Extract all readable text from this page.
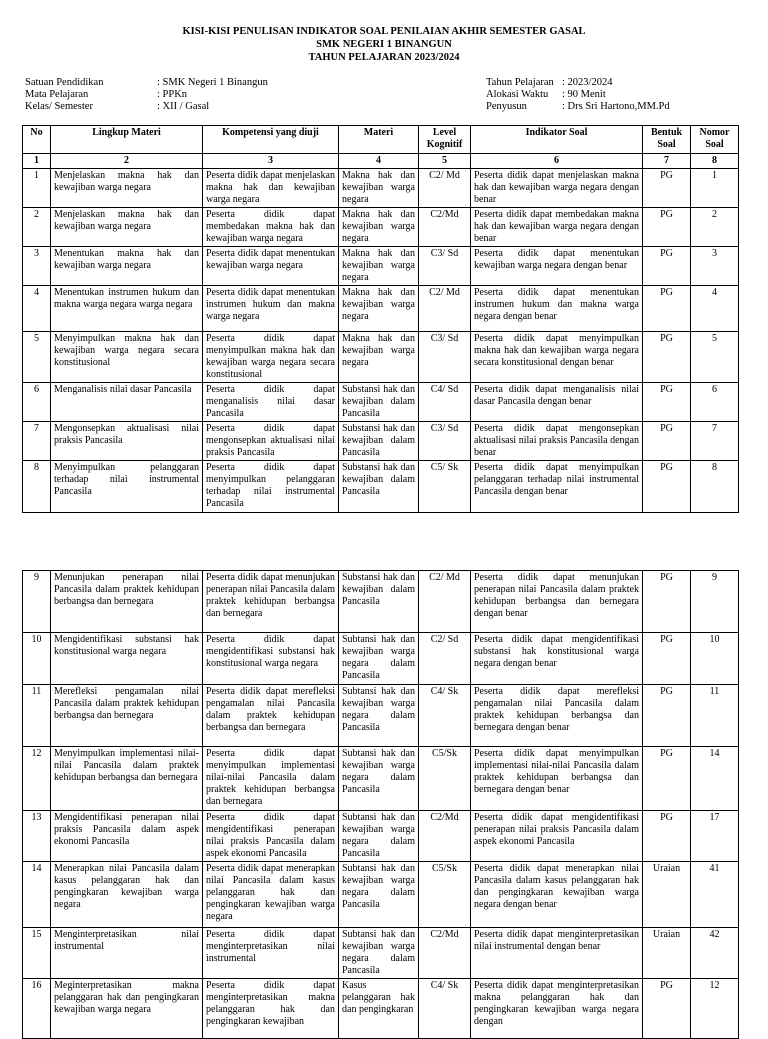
KISI-KISI PENULISAN INDIKATOR SOAL PENILAIAN AKHIR SEMESTER GASAL
SMK NEGERI 1 BINANGUN
TAHUN PELAJARAN 2023/2024
Satuan Pendidikan	: SMK Negeri 1 Binangun
Mata Pelajaran	: PPKn
Kelas/ Semester	: XII / Gasal
Tahun Pelajaran : 2023/2024
Alokasi Waktu : 90 Menit
Penyusun	: Drs Sri Hartono,MM.Pd
No	Lingkup Materi	Kompetensi yang diuji	Materi	Level Kognitif	Indikator Soal	Bentuk Soal	Nomor Soal
1	2	3	4	5	6	7	8
1	Menjelaskan makna hak dan kewajiban warga negara	Peserta didik dapat menjelaskan makna hak dan kewajiban warga negara	Makna hak dan kewajiban warga negara	C2/ Md	Peserta didik dapat menjelaskan makna hak dan kewajiban warga negara dengan benar	PG	1
2	Menjelaskan makna hak dan kewajiban warga negara	Peserta didik dapat membedakan makna hak dan kewajiban warga negara	Makna hak dan kewajiban warga negara	C2/Md	Peserta didik dapat membedakan makna hak dan kewajiban warga negara dengan benar	PG	2
3	Menentukan makna hak dan kewajiban warga negara	Peserta didik dapat menentukan kewajiban warga negara	Makna hak dan kewajiban warga negara	C3/ Sd	Peserta didik dapat menentukan kewajiban warga negara dengan benar	PG	3
4	Menentukan instrumen hukum dan makna warga negara warga negara	Peserta didik dapat menentukan instrumen hukum dan makna warga negara	Makna hak dan kewajiban warga negara	C2/ Md	Peserta didik dapat menentukan instrumen hukum dan makna warga negara dengan benar	PG	4
5	Menyimpulkan makna hak dan kewajiban warga negara secara konstitusional	Peserta didik dapat menyimpulkan makna hak dan kewajiban warga negara secara konstitusional	Makna hak dan kewajiban warga negara	C3/ Sd	Peserta didik dapat menyimpulkan makna hak dan kewajiban warga negara secara konstitusional dengan benar	PG	5
6	Menganalisis nilai dasar Pancasila	Peserta didik dapat menganalisis nilai dasar Pancasila	Substansi hak dan kewajiban dalam Pancasila	C4/ Sd	Peserta didik dapat menganalisis nilai dasar Pancasila dengan benar	PG	6
7	Mengonsepkan aktualisasi nilai praksis Pancasila	Peserta didik dapat mengonsepkan aktualisasi nilai praksis Pancasila	Substansi hak dan kewajiban dalam Pancasila	C3/ Sd	Peserta didik dapat mengonsepkan aktualisasi nilai praksis Pancasila dengan benar	PG	7
8	Menyimpulkan pelanggaran terhadap nilai instrumental Pancasila	Peserta didik dapat menyimpulkan pelanggaran terhadap nilai instrumental Pancasila	Substansi hak dan kewajiban dalam Pancasila	C5/ Sk	Peserta didik dapat menyimpulkan pelanggaran terhadap nilai instrumental Pancasila dengan benar	PG	8
9	Menunjukan penerapan nilai Pancasila dalam praktek kehidupan berbangsa dan bernegara	Peserta didik dapat menunjukan penerapan nilai Pancasila dalam praktek kehidupan berbangsa dan bernegara	Substansi hak dan kewajiban dalam Pancasila	C2/ Md	Peserta didik dapat menunjukan penerapan nilai Pancasila dalam praktek kehidupan berbangsa dan bernegara dengan benar	PG	9
10	Mengidentifikasi substansi hak konstitusional warga negara	Peserta didik dapat mengidentifikasi substansi hak konstitusional warga negara	Subtansi hak dan kewajiban warga negara dalam Pancasila	C2/ Sd	Peserta didik dapat mengidentifikasi substansi hak konstitusional warga negara dengan benar	PG	10
11	Merefleksi pengamalan nilai Pancasila dalam praktek kehidupan berbangsa dan bernegara	Peserta didik dapat merefleksi pengamalan nilai Pancasila dalam praktek kehidupan berbangsa dan bernegara	Subtansi hak dan kewajiban warga negara dalam Pancasila	C4/ Sk	Peserta didik dapat merefleksi pengamalan nilai Pancasila dalam praktek kehidupan berbangsa dan bernegara dengan benar	PG	11
12	Menyimpulkan implementasi nilai-nilai Pancasila dalam praktek kehidupan berbangsa dan bernegara	Peserta didik dapat menyimpulkan implementasi nilai-nilai Pancasila dalam praktek kehidupan berbangsa dan bernegara	Subtansi hak dan kewajiban warga negara dalam Pancasila	C5/Sk	Peserta didik dapat menyimpulkan implementasi nilai-nilai Pancasila dalam praktek kehidupan berbangsa dan bernegara dengan benar	PG	14
13	Mengidentifikasi penerapan nilai praksis Pancasila dalam aspek ekonomi Pancasila	Peserta didik dapat mengidentifikasi penerapan nilai praksis Pancasila dalam aspek ekonomi Pancasila	Subtansi hak dan kewajiban warga negara dalam Pancasila	C2/Md	Peserta didik dapat mengidentifikasi penerapan nilai praksis Pancasila dalam aspek ekonomi Pancasila	PG	17
14	Menerapkan nilai Pancasila dalam kasus pelanggaran hak dan pengingkaran kewajiban warga negara	Peserta didik dapat menerapkan nilai Pancasila dalam kasus pelanggaran hak dan pengingkaran kewajiban warga negara	Subtansi hak dan kewajiban warga negara dalam Pancasila	C5/Sk	Peserta didik dapat menerapkan nilai Pancasila dalam kasus pelanggaran hak dan pengingkaran kewajiban warga negara dengan benar	Uraian	41
15	Menginterpretasikan nilai instrumental	Peserta didik dapat menginterpretasikan nilai instrumental	Subtansi hak dan kewajiban warga negara dalam Pancasila	C2/Md	Peserta didik dapat menginterpretasikan nilai instrumental dengan benar	Uraian	42
16	Meginterpretasikan makna pelanggaran hak dan pengingkaran kewajiban warga negara	Peserta didik dapat menginterpretasikan makna pelanggaran hak dan pengingkaran kewajiban	Kasus pelanggaran hak dan pengingkaran	C4/ Sk	Peserta didik dapat menginterpretasikan makna pelanggaran hak dan pengingkaran kewajiban warga negara dengan	PG	12
